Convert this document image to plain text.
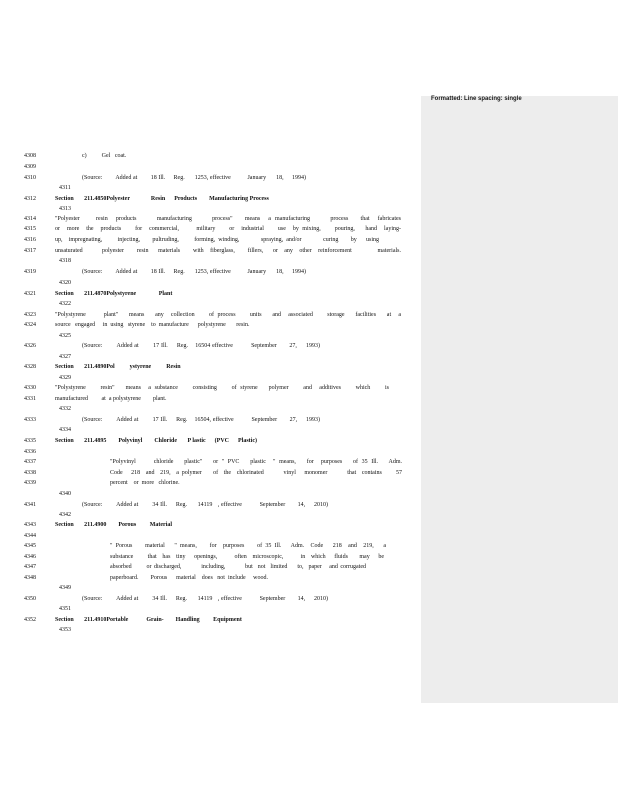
Formatted: Line spacing: single
4308	c)          Gel   coat.
4309
4310	(Source:        Added at        18 Ill.     Reg.      1253, effective          January      18,     1994)
4311
4312	Section       211.4850Polyester              Resin      Products        Manufacturing Process
4313
4314	"Polyester    resin  products     manufacturing     process"   means  a manufacturing     process   that  fabricates
4315	or  more  the  products    for  commercial,     military    or  industrial    use  by mixing,    pouring,   hand  laying-
4316	up,  impregnating,     injecting,    pultruding,     forming, winding,       spraying, and/or       curing    by   using
4317	unsaturated      polyester    resin   materials    with  fiberglass,    fillers,   or  any  other  reinforcement        materials.
4318
4319	(Source:        Added at        18 Ill.     Reg.      1253, effective          January      18,     1994)
4320
4321	Section       211.4870Polystyrene               Plant
4322
4323	"Polystyrene     plant"   means   any  collection    of process    units   and  associated    storage   facilities   at  a
4324	source   engaged     in  using   styrene    to  manufacture      polystyrene       resin.
4325
4326	(Source:        Added at        17 Ill.     Reg.    16504 effective          September       27,     1993)
4327
4328	Section       211.4890Pol          ystyrene          Resin
4329
4330	"Polystyrene    resin"   means  a substance    consisting    of styrene   polymer    and  additives    which    is
4331	manufactured         at  a polystyrene        plant.
4332
4333	(Source:        Added at        17 Ill.     Reg.    16504, effective          September       27,     1993)
4334
4335	Section       211.4895        Polyvinyl        Chloride       P lastic      (PVC      Plastic)
4336
4337	"Polyvinyl     chloride   plastic"   or " PVC   plastic  " means,   for  purposes   of 35 Ill.   Adm.
4338	Code   218  and  219,  a polymer    of  the  chlorinated       vinyl   monomer       that  contains     57
4339	percent    or  more   chlorine.
4340
4341	(Source:        Added at        34 Ill.     Reg.      14119   , effective          September       14,     2010)
4342
4343	Section       211.4900        Porous         Material
4344
4345	" Porous    material   " means,    for  purposes    of 35 Ill.   Adm.  Code   218  and  219,   a
4346	substance     that  has  tiny   openings,      often  microscopic,      in  which   fluids    may   be
4347	absorbed      or discharged,        including,        but  not  limited    to,  paper   and corrugated
4348	paperboard.        Porous      material    does   not  include     wood.
4349
4350	(Source:        Added at        34 Ill.     Reg.      14119   , effective          September       14,     2010)
4351
4352	Section       211.4910Portable            Grain-        Handling         Equipment
4353
